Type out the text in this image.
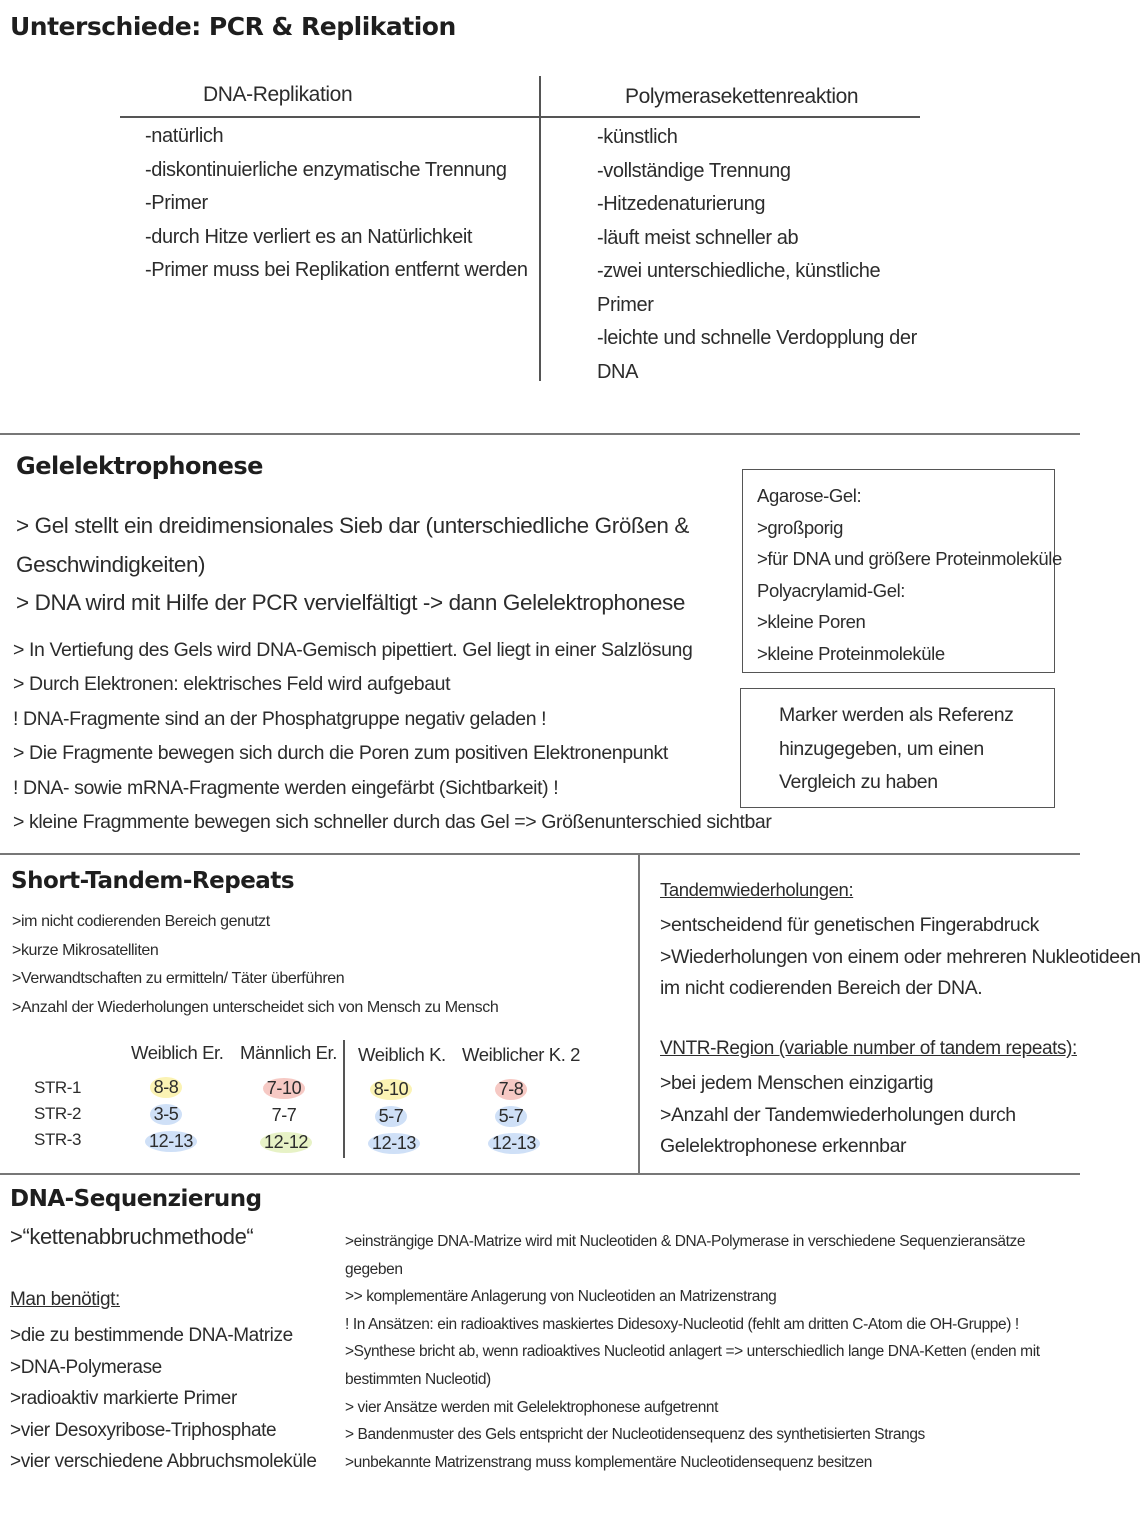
Unterschiede: PCR & Replikation
DNA-Replikation	Polymerasekettenreaktion
-natürlich
-diskontinuierliche enzymatische Trennung
-Primer
-durch Hitze verliert es an Natürlichkeit
-Primer muss bei Replikation entfernt werden
-künstlich
-vollständige Trennung
-Hitzedenaturierung
-läuft meist schneller ab
-zwei unterschiedliche, künstliche
Primer
-leichte und schnelle Verdopplung der
DNA
Gelelektrophonese
> Gel stellt ein dreidimensionales Sieb dar (unterschiedliche Größen &
Geschwindigkeiten)
> DNA wird mit Hilfe der PCR vervielfältigt -> dann Gelelektrophonese
> In Vertiefung des Gels wird DNA-Gemisch pipettiert. Gel liegt in einer Salzlösung
> Durch Elektronen: elektrisches Feld wird aufgebaut
! DNA-Fragmente sind an der Phosphatgruppe negativ geladen !
> Die Fragmente bewegen sich durch die Poren zum positiven Elektronenpunkt
! DNA- sowie mRNA-Fragmente werden eingefärbt (Sichtbarkeit) !
> kleine Fragmmente bewegen sich schneller durch das Gel => Größenunterschied sichtbar
Agarose-Gel:
>großporig
>für DNA und größere Proteinmoleküle
Polyacrylamid-Gel:
>kleine Poren
>kleine Proteinmoleküle
Marker werden als Referenz
hinzugegeben, um einen
Vergleich zu haben
Short-Tandem-Repeats
>im nicht codierenden Bereich genutzt
>kurze Mikrosatelliten
>Verwandtschaften zu ermitteln/ Täter überführen
>Anzahl der Wiederholungen unterscheidet sich von Mensch zu Mensch
Weiblich Er. Männlich Er. Weiblich K. Weiblicher K. 2
STR-1
STR-2
STR-3
8-8
3-5
12-13
7-10
7-7
12-12
8-10
5-7
12-13
7-8
5-7
12-13
Tandemwiederholungen:
>entscheidend für genetischen Fingerabdruck
>Wiederholungen von einem oder mehreren Nukleotideen
im nicht codierenden Bereich der DNA.
VNTR-Region (variable number of tandem repeats):
>bei jedem Menschen einzigartig
>Anzahl der Tandemwiederholungen durch
Gelelektrophonese erkennbar
DNA-Sequenzierung
>“kettenabbruchmethode“
Man benötigt:
>die zu bestimmende DNA-Matrize
>DNA-Polymerase
>radioaktiv markierte Primer
>vier Desoxyribose-Triphosphate
>vier verschiedene Abbruchsmoleküle
>einsträngige DNA-Matrize wird mit Nucleotiden & DNA-Polymerase in verschiedene Sequenzieransätze
gegeben
>> komplementäre Anlagerung von Nucleotiden an Matrizenstrang
! In Ansätzen: ein radioaktives maskiertes Didesoxy-Nucleotid (fehlt am dritten C-Atom die OH-Gruppe) !
>Synthese bricht ab, wenn radioaktives Nucleotid anlagert => unterschiedlich lange DNA-Ketten (enden mit
bestimmten Nucleotid)
> vier Ansätze werden mit Gelelektrophonese aufgetrennt
> Bandenmuster des Gels entspricht der Nucleotidensequenz des synthetisierten Strangs
>unbekannte Matrizenstrang muss komplementäre Nucleotidensequenz besitzen
